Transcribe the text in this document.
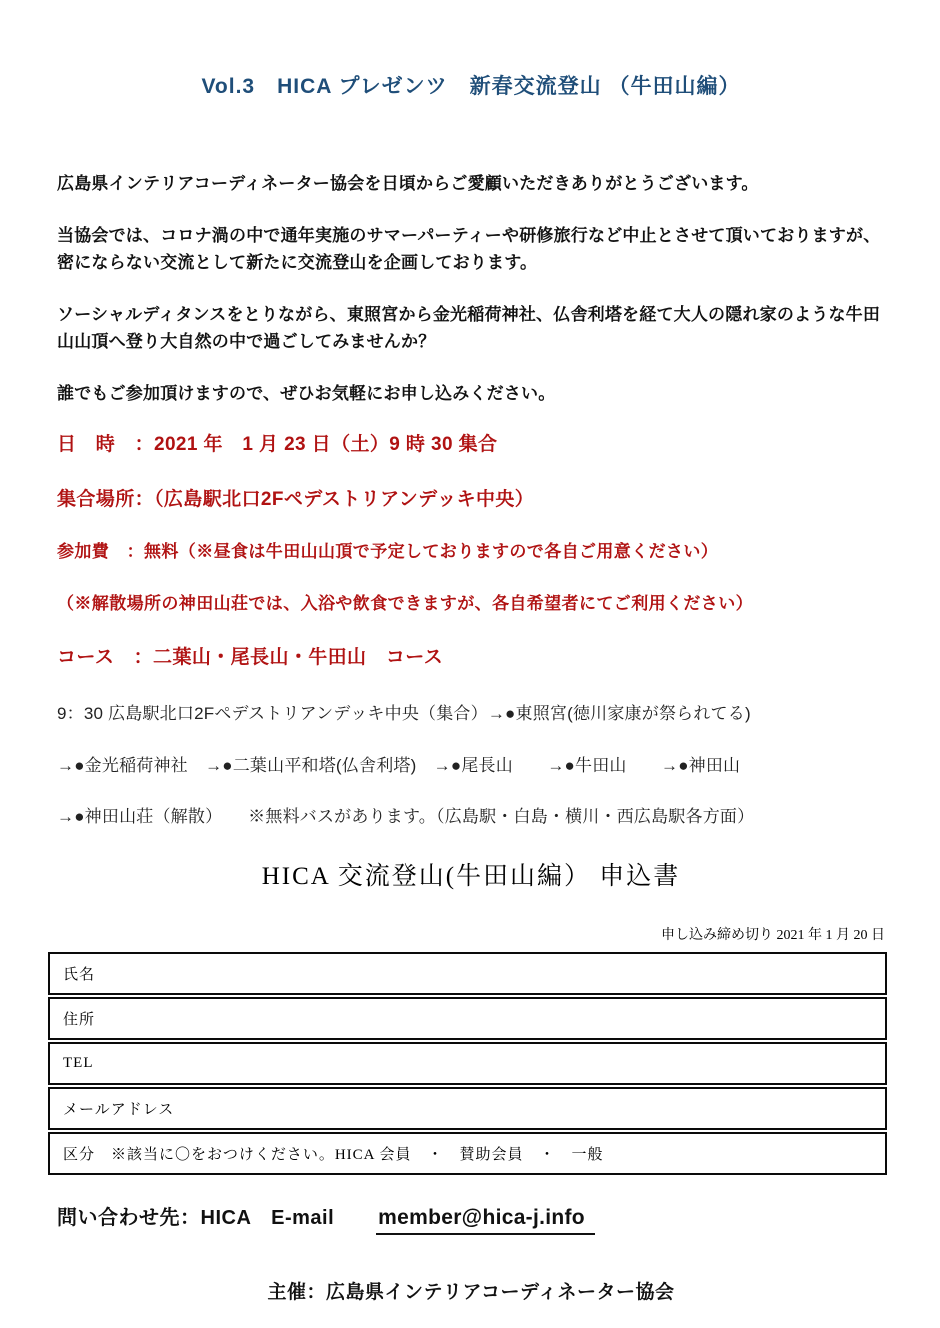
Vol.3　HICA プレゼンツ　新春交流登山 （牛田山編）

広島県インテリアコーディネーター協会を日頃からご愛顧いただきありがとうございます。

当協会では、コロナ渦の中で通年実施のサマーパーティーや研修旅行など中止とさせて頂いておりますが、密にならない交流として新たに交流登山を企画しております。

ソーシャルディタンスをとりながら、東照宮から金光稲荷神社、仏舎利塔を経て大人の隠れ家のような牛田山山頂へ登り大自然の中で過ごしてみませんか？

誰でもご参加頂けますので、ぜひお気軽にお申し込みください。

日　時　：2021 年　1 月 23 日（土）9 時 30 集合

集合場所：（広島駅北口2Fペデストリアンデッキ中央）

参加費　：無料（※昼食は牛田山山頂で予定しておりますので各自ご用意ください）

（※解散場所の神田山荘では、入浴や飲食できますが、各自希望者にてご利用ください）

コース　：二葉山・尾長山・牛田山　コース

9：30 広島駅北口2Fペデストリアンデッキ中央（集合）→●東照宮(徳川家康が祭られてる)

→●金光稲荷神社　→●二葉山平和塔(仏舎利塔)　→●尾長山　　→●牛田山　　→●神田山

→●神田山荘（解散）　　※無料バスがあります。（広島駅・白島・横川・西広島駅各方面）

HICA 交流登山(牛田山編） 申込書

申し込み締め切り 2021 年 1 月 20 日

氏名
住所
TEL
メールアドレス
区分　※該当に〇をおつけください。HICA 会員　・　賛助会員　・　一般
問い合わせ先：HICA　E-mail member@hica-j.info
主催：広島県インテリアコーディネーター協会
